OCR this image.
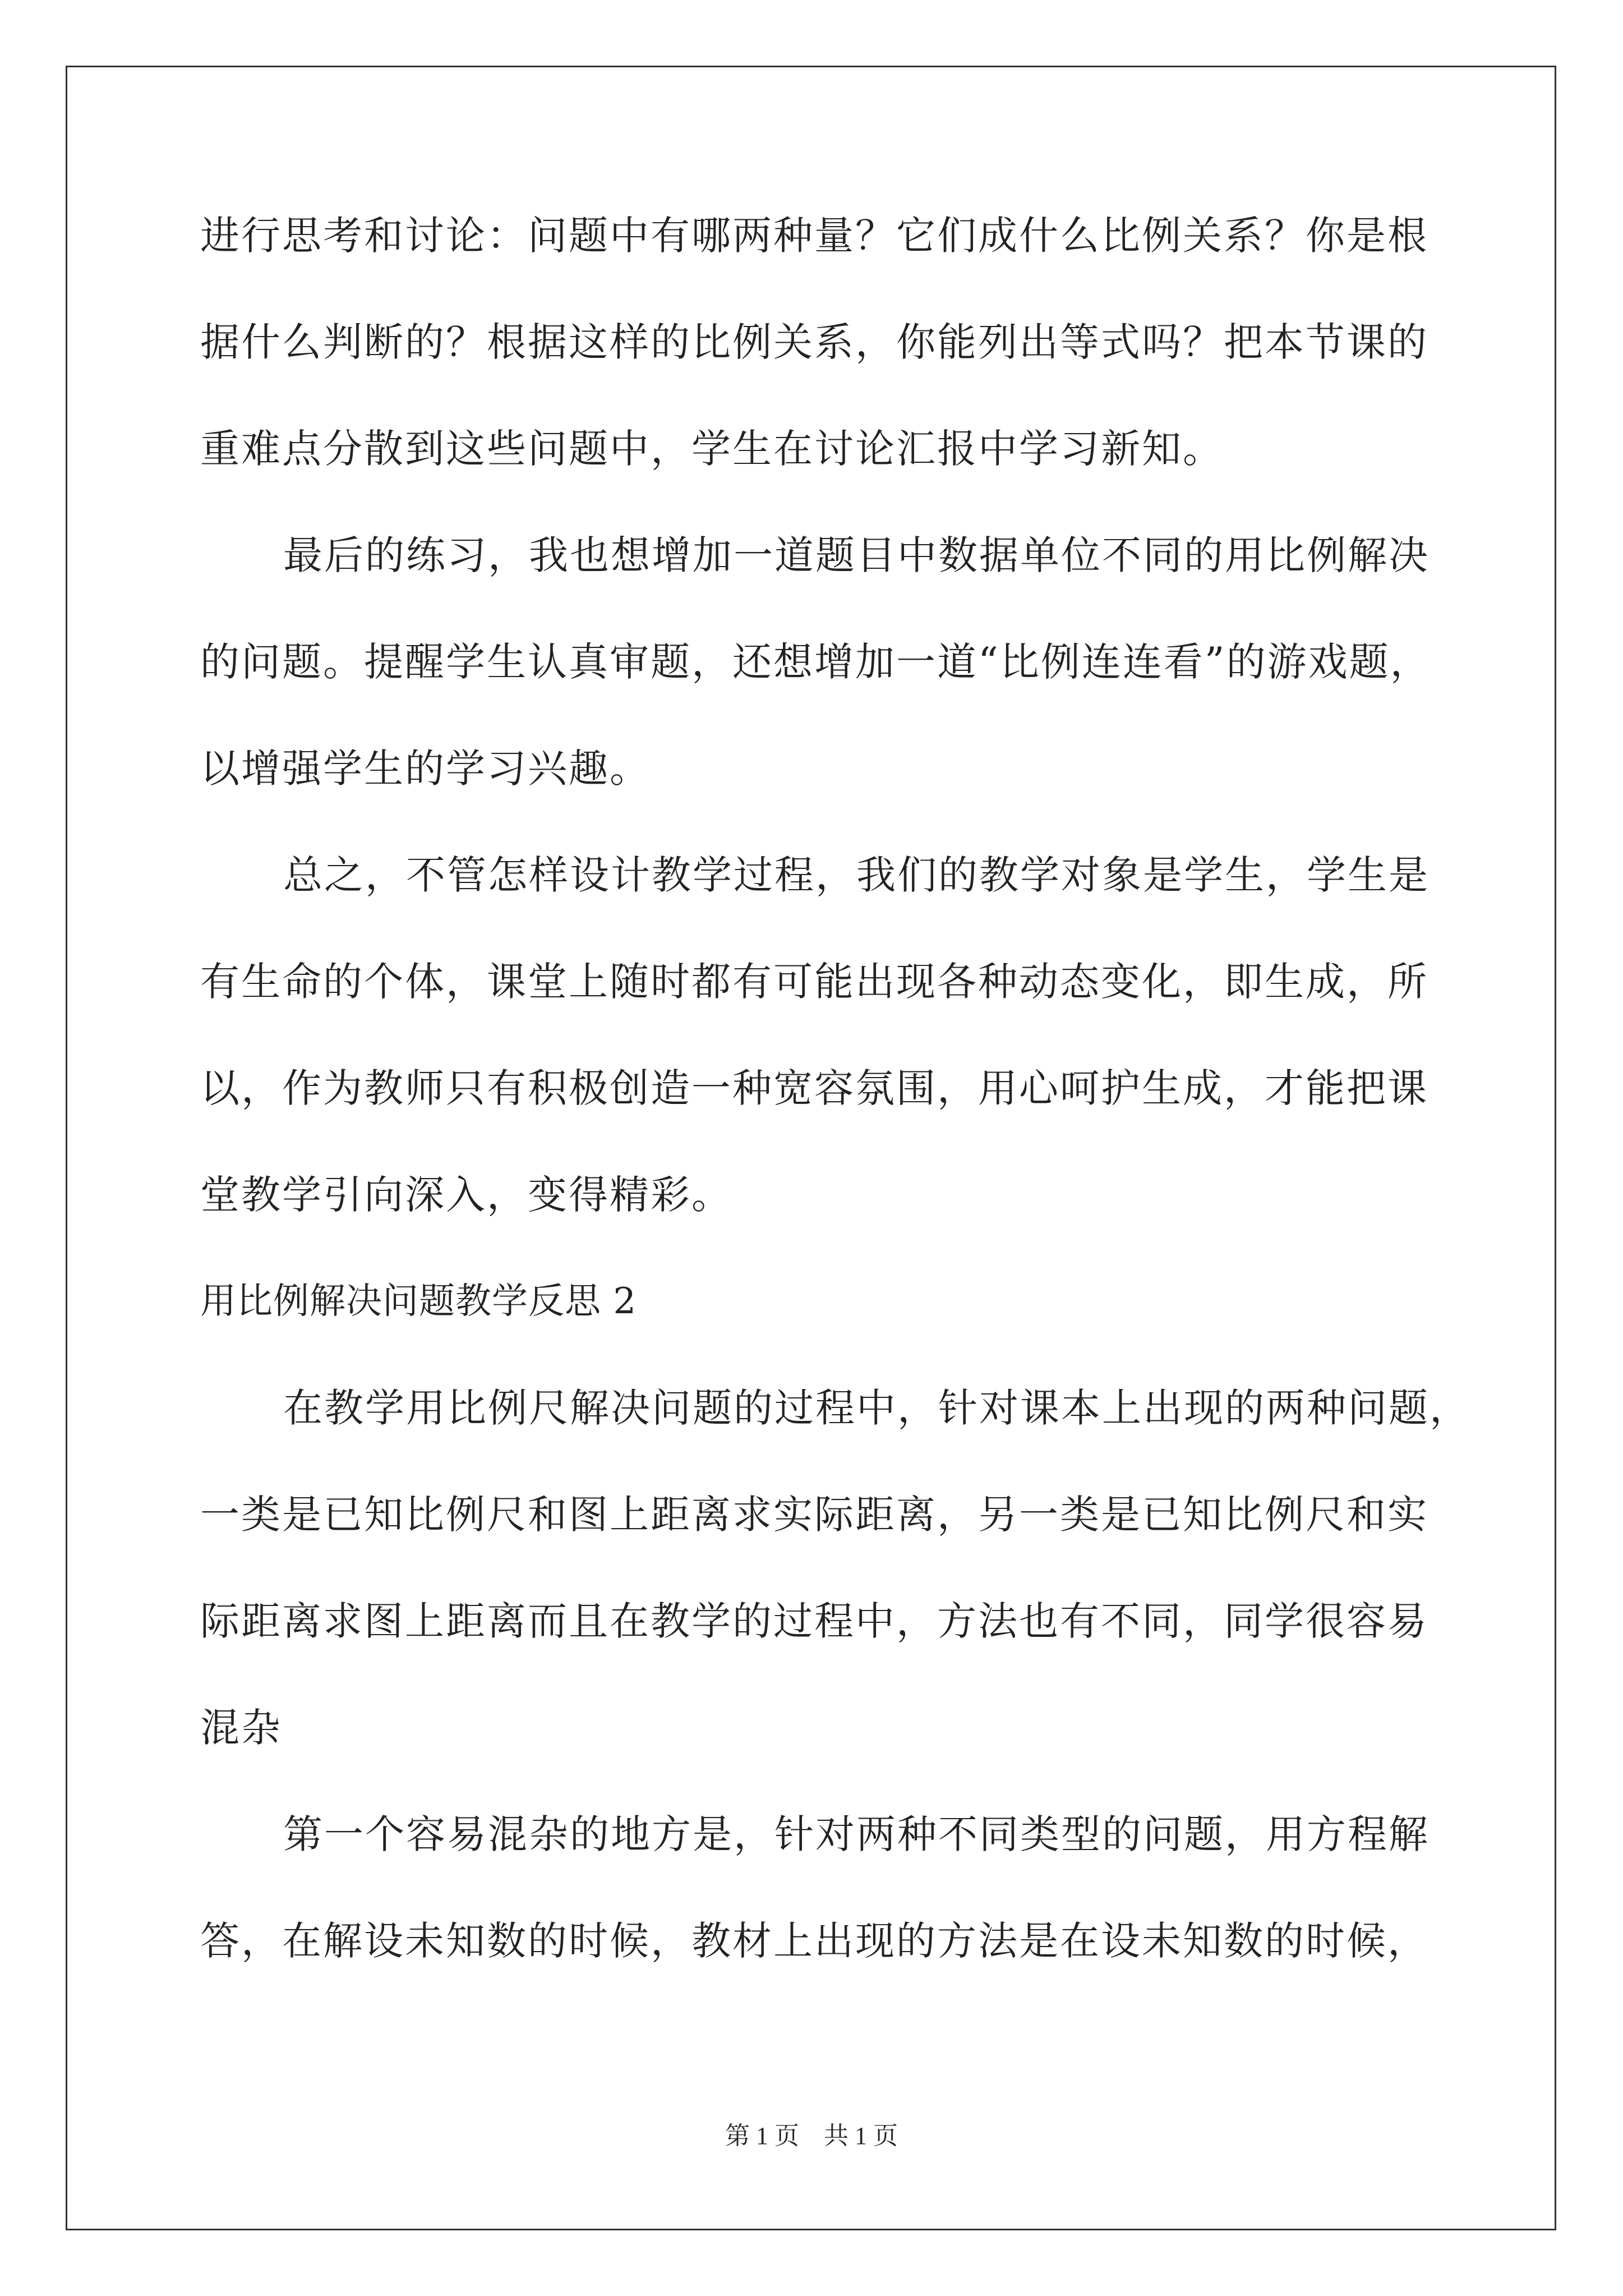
进行思考和讨论：问题中有哪两种量？它们成什么比例关系？你是根
据什么判断的？根据这样的比例关系，你能列出等式吗？把本节课的
重难点分散到这些问题中，学生在讨论汇报中学习新知。
最后的练习，我也想增加一道题目中数据单位不同的用比例解决
的问题。提醒学生认真审题，还想增加一道“比例连连看”的游戏题，
以增强学生的学习兴趣。
总之，不管怎样设计教学过程，我们的教学对象是学生，学生是
有生命的个体，课堂上随时都有可能出现各种动态变化，即生成，所
以，作为教师只有积极创造一种宽容氛围，用心呵护生成，才能把课
堂教学引向深入，变得精彩。
用比例解决问题教学反思 2
在教学用比例尺解决问题的过程中，针对课本上出现的两种问题，
一类是已知比例尺和图上距离求实际距离，另一类是已知比例尺和实
际距离求图上距离而且在教学的过程中，方法也有不同，同学很容易
混杂
第一个容易混杂的地方是，针对两种不同类型的问题，用方程解
答，在解设未知数的时候，教材上出现的方法是在设未知数的时候，
第 1 页　共 1 页
